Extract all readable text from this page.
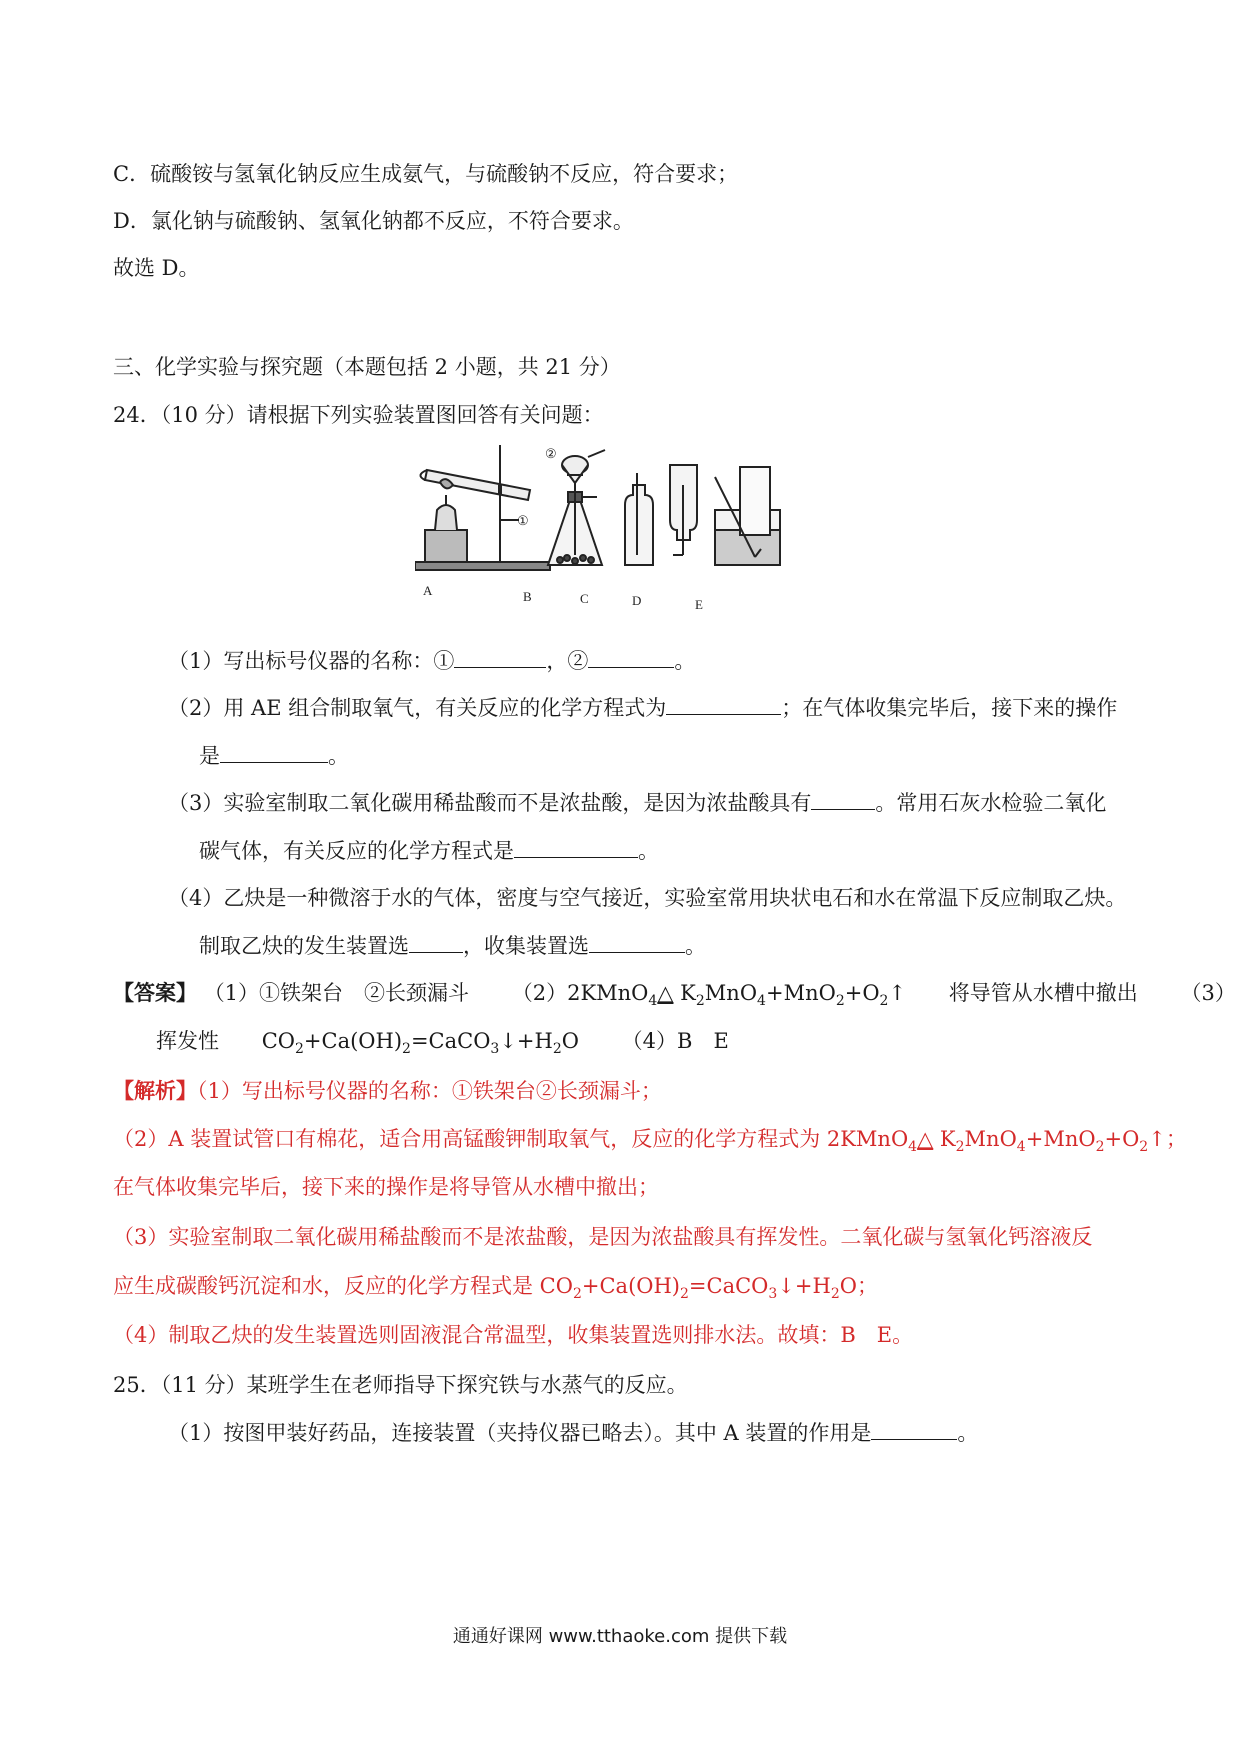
C．硫酸铵与氢氧化钠反应生成氨气，与硫酸钠不反应，符合要求；
D．氯化钠与硫酸钠、氢氧化钠都不反应，不符合要求。
故选 D。
三、化学实验与探究题（本题包括 2 小题，共 21 分）
24．（10 分）请根据下列实验装置图回答有关问题：
②
①
A	B	C	D	E
（1）写出标号仪器的名称：①	，②	。
（2）用 AE 组合制取氧气，有关反应的化学方程式为	；在气体收集完毕后，接下来的操作
是	。
（3）实验室制取二氧化碳用稀盐酸而不是浓盐酸，是因为浓盐酸具有	。常用石灰水检验二氧化
碳气体，有关反应的化学方程式是	。
（4）乙炔是一种微溶于水的气体，密度与空气接近，实验室常用块状电石和水在常温下反应制取乙炔。
制取乙炔的发生装置选	，收集装置选	。
【答案】 （1）①铁架台　②长颈漏斗 （2）2KMnO$_4$△ $K_2MnO_4+MnO_2+O_2↑$ 将导管从水槽中撤出 （3）
挥发性 $CO_2+Ca(OH)_2=CaCO_3↓+H_2O$ （4）B　E
【解析】（1）写出标号仪器的名称：①铁架台②长颈漏斗；
（2）A 装置试管口有棉花，适合用高锰酸钾制取氧气，反应的化学方程式为 2KMnO$_4$△ $K_2MnO_4+MnO_2+O_2↑$；
在气体收集完毕后，接下来的操作是将导管从水槽中撤出；
（3）实验室制取二氧化碳用稀盐酸而不是浓盐酸，是因为浓盐酸具有挥发性。二氧化碳与氢氧化钙溶液反
应生成碳酸钙沉淀和水，反应的化学方程式是 $CO_2+Ca(OH)_2=CaCO_3↓+H_2O$；
（4）制取乙炔的发生装置选则固液混合常温型，收集装置选则排水法。故填：B　E。
25．（11 分）某班学生在老师指导下探究铁与水蒸气的反应。
（1）按图甲装好药品，连接装置（夹持仪器已略去）。其中 A 装置的作用是	。
通通好课网 www.tthaoke.com 提供下载
